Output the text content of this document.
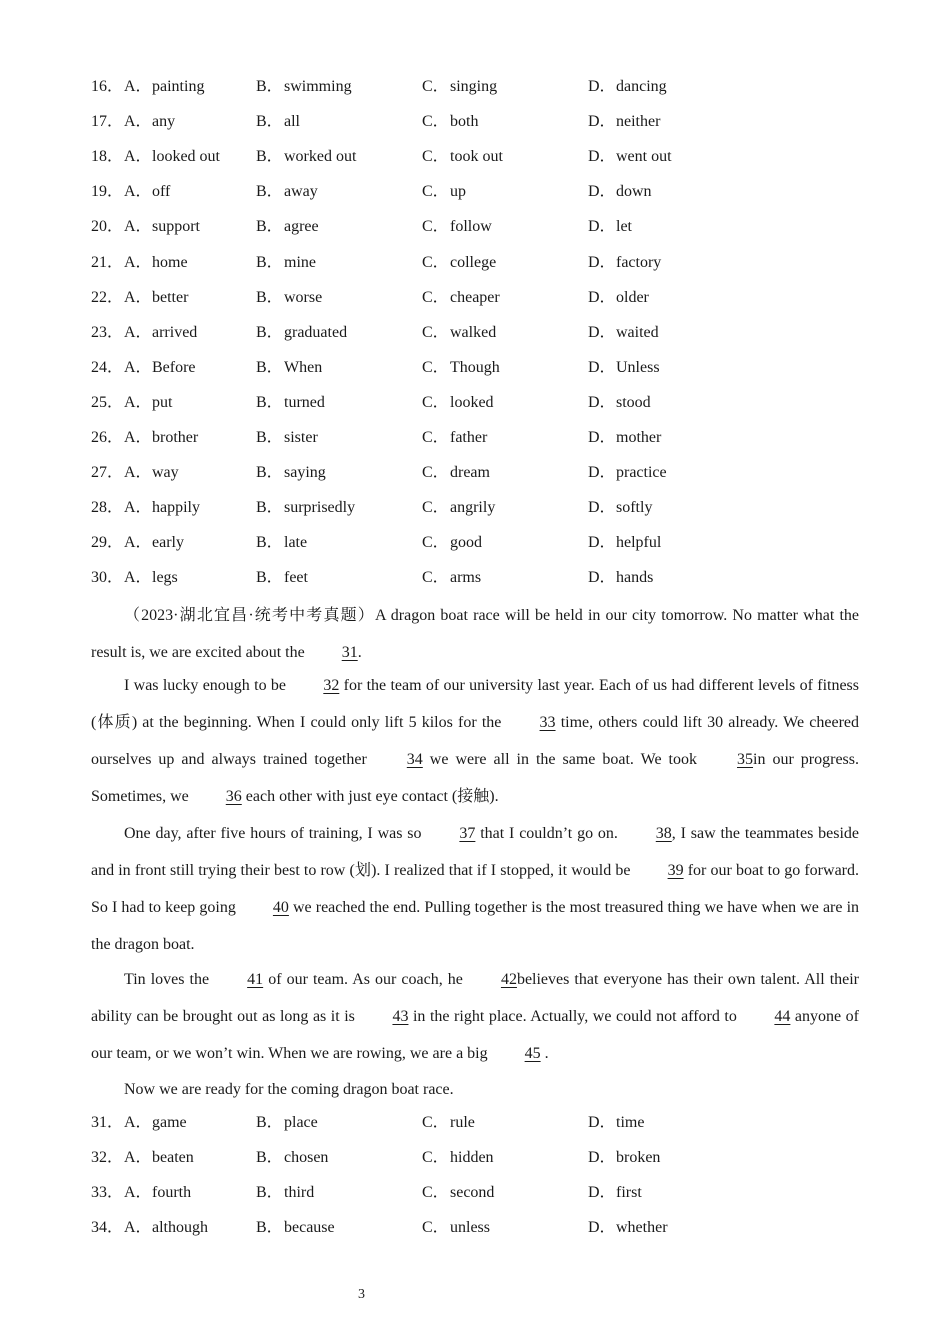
16． A． painting	B． swimming	C． singing	D． dancing
17． A． any	B． all	C． both	D． neither
18． A． looked out B． worked out	C． took out	D． went out
19． A． off	B． away	C． up	D． down
20． A． support	B． agree	C． follow	D． let
21． A． home	B． mine	C． college	D． factory
22． A． better	B． worse	C． cheaper	D． older
23． A． arrived	B． graduated	C． walked	D． waited
24． A． Before	B． When	C． Though	D． Unless
25． A． put	B． turned	C． looked	D． stood
26． A． brother	B． sister	C． father	D． mother
27． A． way	B． saying	C． dream	D． practice
28． A． happily	B． surprisedly	C． angrily	D． softly
29． A． early	B． late	C． good	D． helpful
30． A． legs	B． feet	C． arms	D． hands
（2023·湖北宜昌·统考中考真题）A dragon boat race will be held in our city tomorrow. No matter what the result is, we are excited about the 31.
I was lucky enough to be 32 for the team of our university last year. Each of us had different levels of fitness (体质) at the beginning. When I could only lift 5 kilos for the 33 time, others could lift 30 already. We cheered ourselves up and always trained together 34 we were all in the same boat. We took 35in our progress. Sometimes, we 36 each other with just eye contact (接触).
One day, after five hours of training, I was so 37 that I couldn’t go on. 38, I saw the teammates beside and in front still trying their best to row (划). I realized that if I stopped, it would be 39 for our boat to go forward. So I had to keep going 40 we reached the end. Pulling together is the most treasured thing we have when we are in the dragon boat.
Tin loves the 41 of our team. As our coach, he 42believes that everyone has their own talent. All their ability can be brought out as long as it is 43 in the right place. Actually, we could not afford to 44 anyone of our team, or we won’t win. When we are rowing, we are a big 45 .
Now we are ready for the coming dragon boat race.
31． A． game	B． place	C． rule	D． time
32． A． beaten	B． chosen	C． hidden	D． broken
33． A． fourth	B． third	C． second	D． first
34． A． although	B． because	C． unless	D． whether
3
